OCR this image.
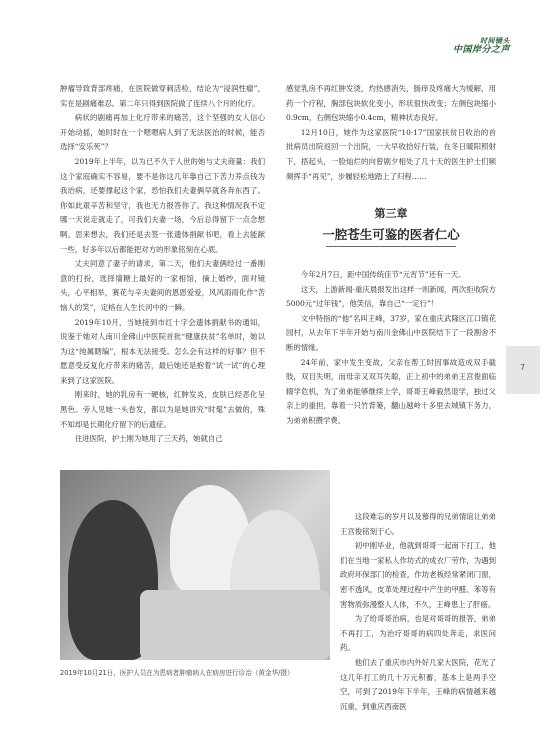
时间镜头
中国岸分之声

肿瘤导致背部疼痛，在医院做穿刺活检，结论为“浸润性瘤”，实在是剧痛难忍。第二年只得到医院做了连续八个月的化疗。

病状的剧痛再加上化疗带来的痛苦，这个坚强的女人信心开始动摇，她时时在一个嗯嗯病人到了无法医治的时候，能否选择“安乐死”？

2019年上半年，以为已不久于人世的她与丈夫商量：我们这个家庭确实不容易，要不是你这几年靠自己下苦力养点钱为我治病，还要撑起这个家，恐怕我们夫妻俩早就各奔东西了。你如此艰辛苦和坚守，我也无力报答你了。我这种情况我不定哪一天说走就走了，可我们夫妻一场，今后总得留下一点念想啊。思来想去，我们还是去签一张遗体捐献书吧，看上去能献一些，好多年以后都能把对方的形象铭刻在心底。

丈夫同意了妻子的请求，第二天，他们夫妻俩经过一番刚意的打扮，选择墙糖上最好的一家相馆，摘上婚纱，面对镜头，心平相举，赛花与辛夫妻间的恩恩爱爱，风风雨雨化作“苦恼人的笑”，定格在人生长河中的一瞬。

2019年10月，当她接到市红十字会遗体捐献书的通知，说鉴于她对人南川金佛山中医院首批“健康扶贫”名单时，她以为这“纯属瞎编”，根本无法接受。怎么会有这样的好事？但不愿意受反复化疗带来的痛苦，最后她还是抱着“试一试”的心理来到了这家医院。

刚来时，她的乳房有一硬核，红肿发炎，皮肤已经恶化呈黑色。旁人见她一头卷发，都以为是她讲究“时髦”去做的，殊不知却是长期化疗留下的后遗症。

住进医院，护士刚为她用了三天药，她就自己

感觉乳房不再红肿发烫，灼热感消失，肠痒及疼痛大为缓解，用药一个疗程，胸部包块软化变小，形状很快改变；左侧包块缩小0.9cm，右侧包块缩小0.4cm，精神状态良好。

12月10日，她作为这家医院“10·17”国家扶贫日收治的首批病员出院返回一个出院，一大早收拾好行装，在冬日暖阳照射下，捂起头，一脸灿烂的向曾剧夕相处了几十天的医生护士们频频挥手“再见”，步履轻松地踏上了归程……

第三章
一腔苍生可鉴的医者仁心

今年2月7日，距中国传统佳节“元宵节”还有一天。

这天，上游新闻·重庆晨报发出这样一则新闻，两次拒收院方5000元“过年钱”，他笑信，靠自己“一定行”！

文中特指的“他”名叫王峰，37岁，家在重庆武隆区江口镇花园村，从去年下半年开始与南川金佛山中医院结下了一段割舍不断的情缘。

24年前，家中发生变故，父亲在帮工时因事故造成双手截肢，双目失明，而母亲又双耳失聪，正上初中的弟弟王宫俊面临辍学危机，为了弟弟能够继续上学，哥哥王峰毅然退学，独过父亲上的重担，靠着一只竹背篓，翻山越岭十多里去城镇下务力，为弟弟积攒学费。

2019年10月21日，医护人员在为患病者肿瘤病人在病房进行诊治（黄金华/摄）

这段难忘的岁月以及慕得的兄弟情谊让弟弟王宫俊铭刻于心。

初中刚毕业，他就到哥哥一起南下打工，他们在当地一家私人作坊式的成衣厂劳作，为遇到政府环保部门的检查，作坊老板经常紧闭门窗，密不透风，皮革处理过程中产生的甲醛、苯等有害物质弥漫整人人体，不久，王峰患上了肝癌。

为了给哥哥治病，也是对哥哥的报答，弟弟不再打工，为治疗哥哥的病四处奔走，求医问药。

他们去了重庆市内外好几家大医院，花光了这几年打工的几十万元积蓄，基本上是两手空空，可到了2019年下半年，王峰的病情越来越沉重，到重庆西南医

7
